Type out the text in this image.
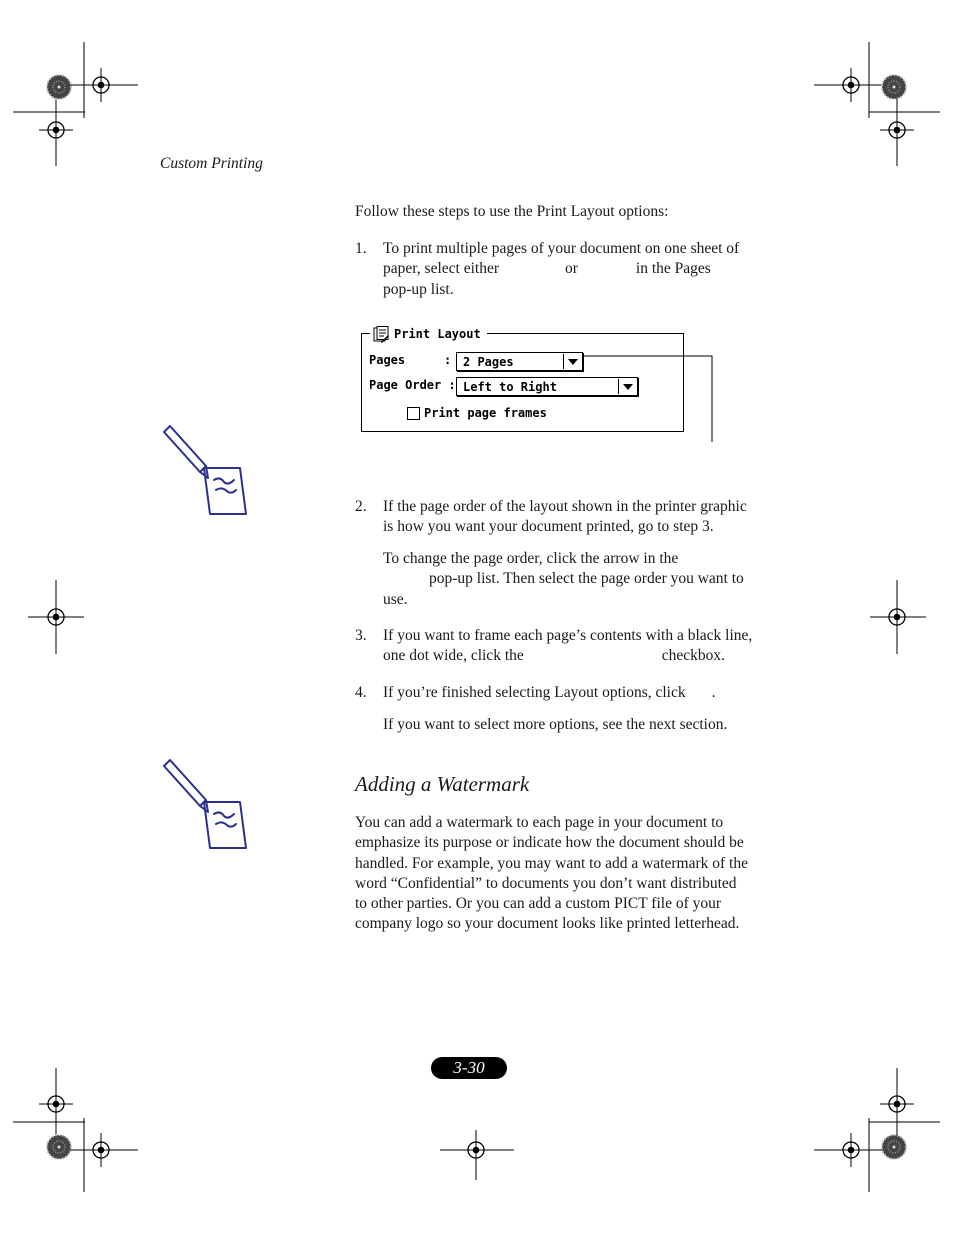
Custom Printing
Follow these steps to use the Print Layout options:
1. To print multiple pages of your document on one sheet of
paper, select either	or	in the Pages
pop-up list.
Print Layout
Pages	: 2 Pages
Page Order : Left to Right
Print page frames
2. If the page order of the layout shown in the printer graphic
is how you want your document printed, go to step 3.
To change the page order, click the arrow in the
pop-up list. Then select the page order you want to
use.
3. If you want to frame each page’s contents with a black line,
one dot wide, click the	checkbox.
4. If you’re finished selecting Layout options, click .
If you want to select more options, see the next section.
Adding a Watermark
You can add a watermark to each page in your document to
emphasize its purpose or indicate how the document should be
handled. For example, you may want to add a watermark of the
word “Confidential” to documents you don’t want distributed
to other parties. Or you can add a custom PICT file of your
company logo so your document looks like printed letterhead.
3-30
